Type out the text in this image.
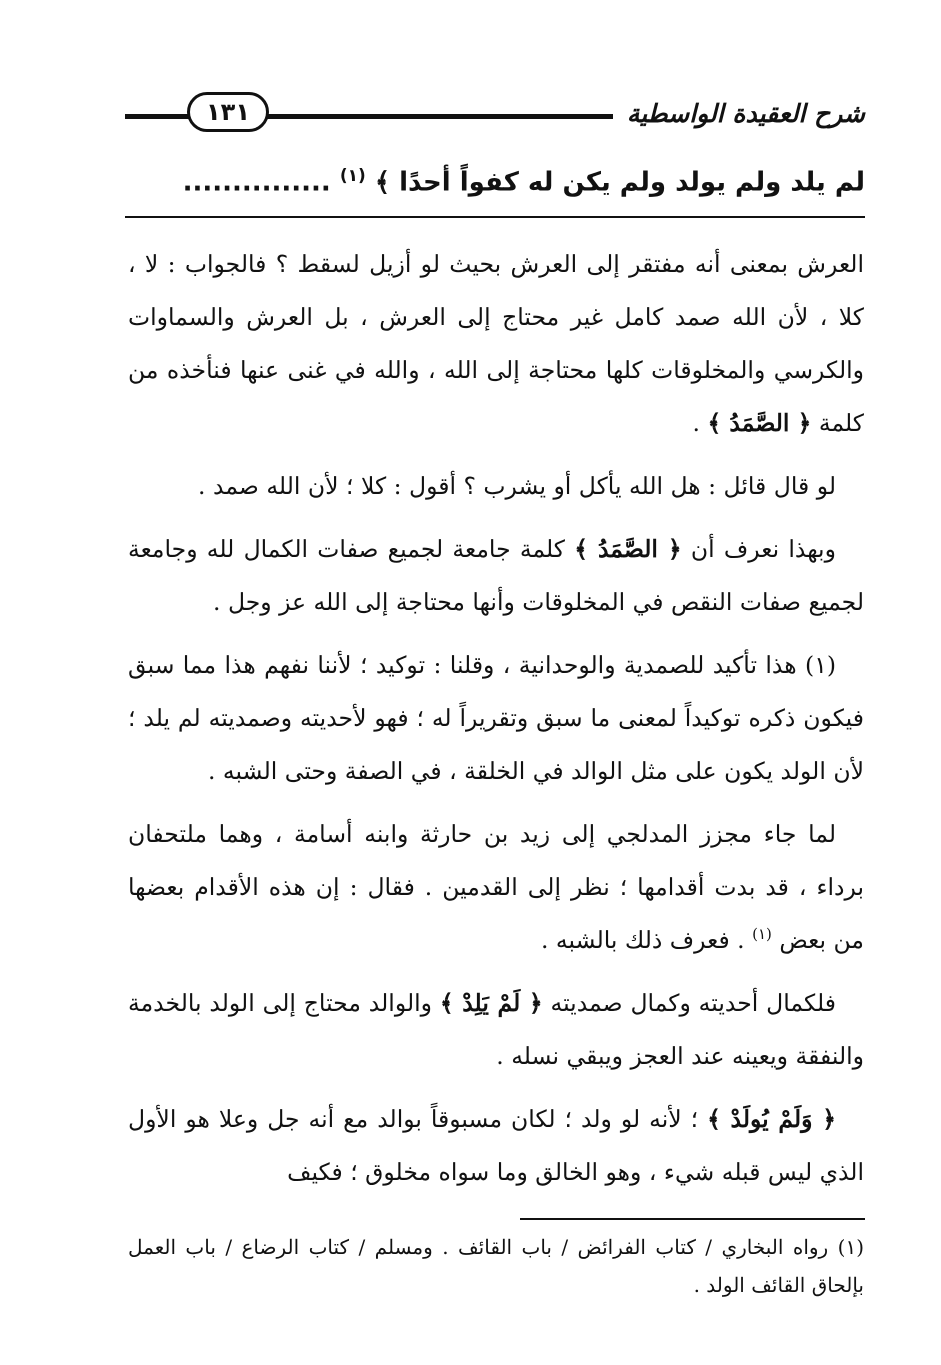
شرح العقيدة الواسطية
١٣١
لم يلد ولم يولد ولم يكن له كفواً أحدًا ﴾ $^{(١)}$ ...............

العرش بمعنى أنه مفتقر إلى العرش بحيث لو أزيل لسقط ؟ فالجواب : لا ، كلا ، لأن الله صمد كامل غير محتاج إلى العرش ، بل العرش والسماوات والكرسي والمخلوقات كلها محتاجة إلى الله ، والله في غنى عنها فنأخذه من كلمة ﴿ الصَّمَدُ ﴾ .

لو قال قائل : هل الله يأكل أو يشرب ؟ أقول : كلا ؛ لأن الله صمد .

وبهذا نعرف أن ﴿ الصَّمَدُ ﴾ كلمة جامعة لجميع صفات الكمال لله وجامعة لجميع صفات النقص في المخلوقات وأنها محتاجة إلى الله عز وجل .

(١) هذا تأكيد للصمدية والوحدانية ، وقلنا : توكيد ؛ لأننا نفهم هذا مما سبق فيكون ذكره توكيداً لمعنى ما سبق وتقريراً له ؛ فهو لأحديته وصمديته لم يلد ؛ لأن الولد يكون على مثل الوالد في الخلقة ، في الصفة وحتى الشبه .

لما جاء مجزز المدلجي إلى زيد بن حارثة وابنه أسامة ، وهما ملتحفان برداء ، قد بدت أقدامها ؛ نظر إلى القدمين . فقال : إن هذه الأقدام بعضها من بعض $^{(١)}$ . فعرف ذلك بالشبه .

فلكمال أحديته وكمال صمديته ﴿ لَمْ يَلِدْ ﴾ والوالد محتاج إلى الولد بالخدمة والنفقة ويعينه عند العجز ويبقي نسله .

﴿ وَلَمْ يُولَدْ ﴾ ؛ لأنه لو ولد ؛ لكان مسبوقاً بوالد مع أنه جل وعلا هو الأول الذي ليس قبله شيء ، وهو الخالق وما سواه مخلوق ؛ فكيف

(١) رواه البخاري / كتاب الفرائض / باب القائف . ومسلم / كتاب الرضاع / باب العمل بإلحاق القائف الولد .
